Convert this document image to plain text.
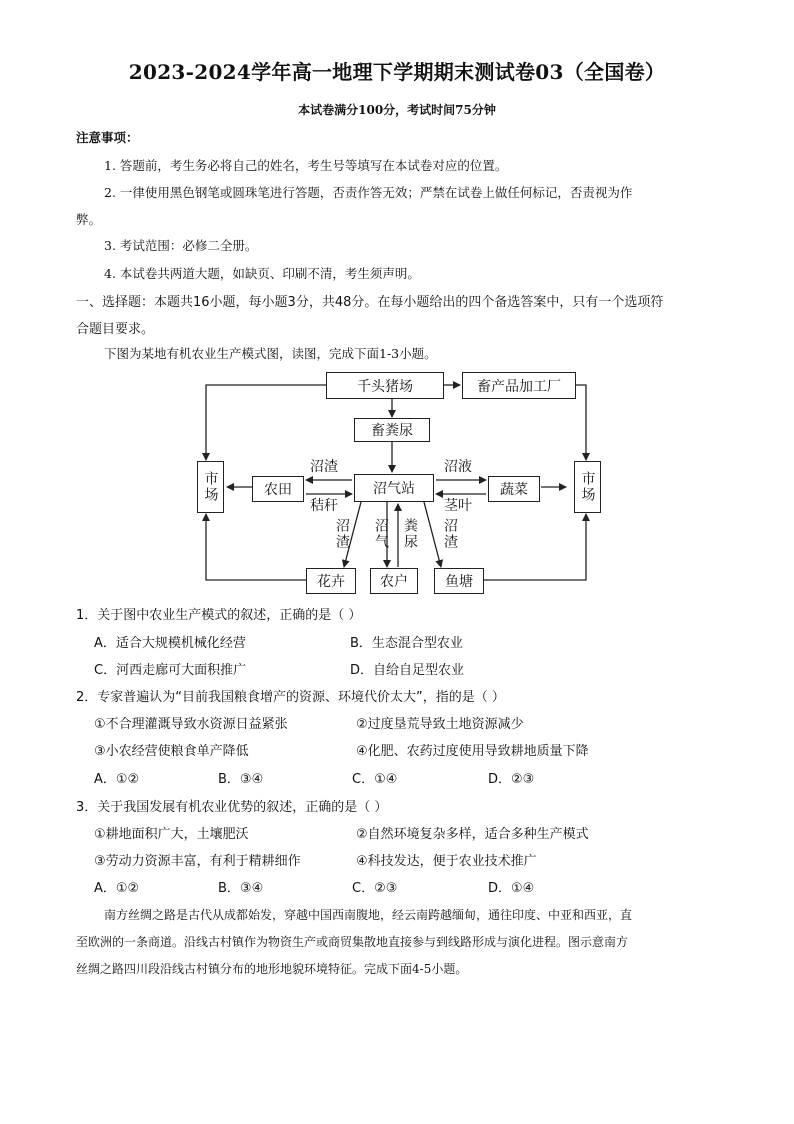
2023-2024学年高一地理下学期期末测试卷03（全国卷）
本试卷满分100分，考试时间75分钟
注意事项：
1. 答题前，考生务必将自己的姓名，考生号等填写在本试卷对应的位置。
2. 一律使用黑色钢笔或圆珠笔进行答题，否责作答无效；严禁在试卷上做任何标记，否责视为作
弊。
3. 考试范围：必修二全册。
4. 本试卷共两道大题，如缺页、印刷不清，考生须声明。
一、选择题：本题共16小题，每小题3分，共48分。在每小题给出的四个备选答案中，只有一个选项符
合题目要求。
下图为某地有机农业生产模式图，读图，完成下面1-3小题。
千头猪场	畜产品加工厂
畜粪尿
市场	市场
农田	沼气站	蔬菜
花卉	农户	鱼塘
沼渣
秸秆
沼液
茎叶
沼渣 沼气 粪尿 沼渣
1．关于图中农业生产模式的叙述，正确的是（ ）
A．适合大规模机械化经营	B．生态混合型农业
C．河西走廊可大面积推广	D．自给自足型农业
2．专家普遍认为“目前我国粮食增产的资源、环境代价太大”，指的是（ ）
①不合理灌溉导致水资源日益紧张	②过度垦荒导致土地资源减少
③小农经营使粮食单产降低	④化肥、农药过度使用导致耕地质量下降
A．①②	B．③④	C．①④	D．②③
3．关于我国发展有机农业优势的叙述，正确的是（ ）
①耕地面积广大，土壤肥沃	②自然环境复杂多样，适合多种生产模式
③劳动力资源丰富，有利于精耕细作	④科技发达，便于农业技术推广
A．①②	B．③④	C．②③	D．①④
南方丝绸之路是古代从成都始发，穿越中国西南腹地，经云南跨越缅甸，通往印度、中亚和西亚，直
至欧洲的一条商道。沿线古村镇作为物资生产或商贸集散地直接参与到线路形成与演化进程。图示意南方
丝绸之路四川段沿线古村镇分布的地形地貌环境特征。完成下面4-5小题。
